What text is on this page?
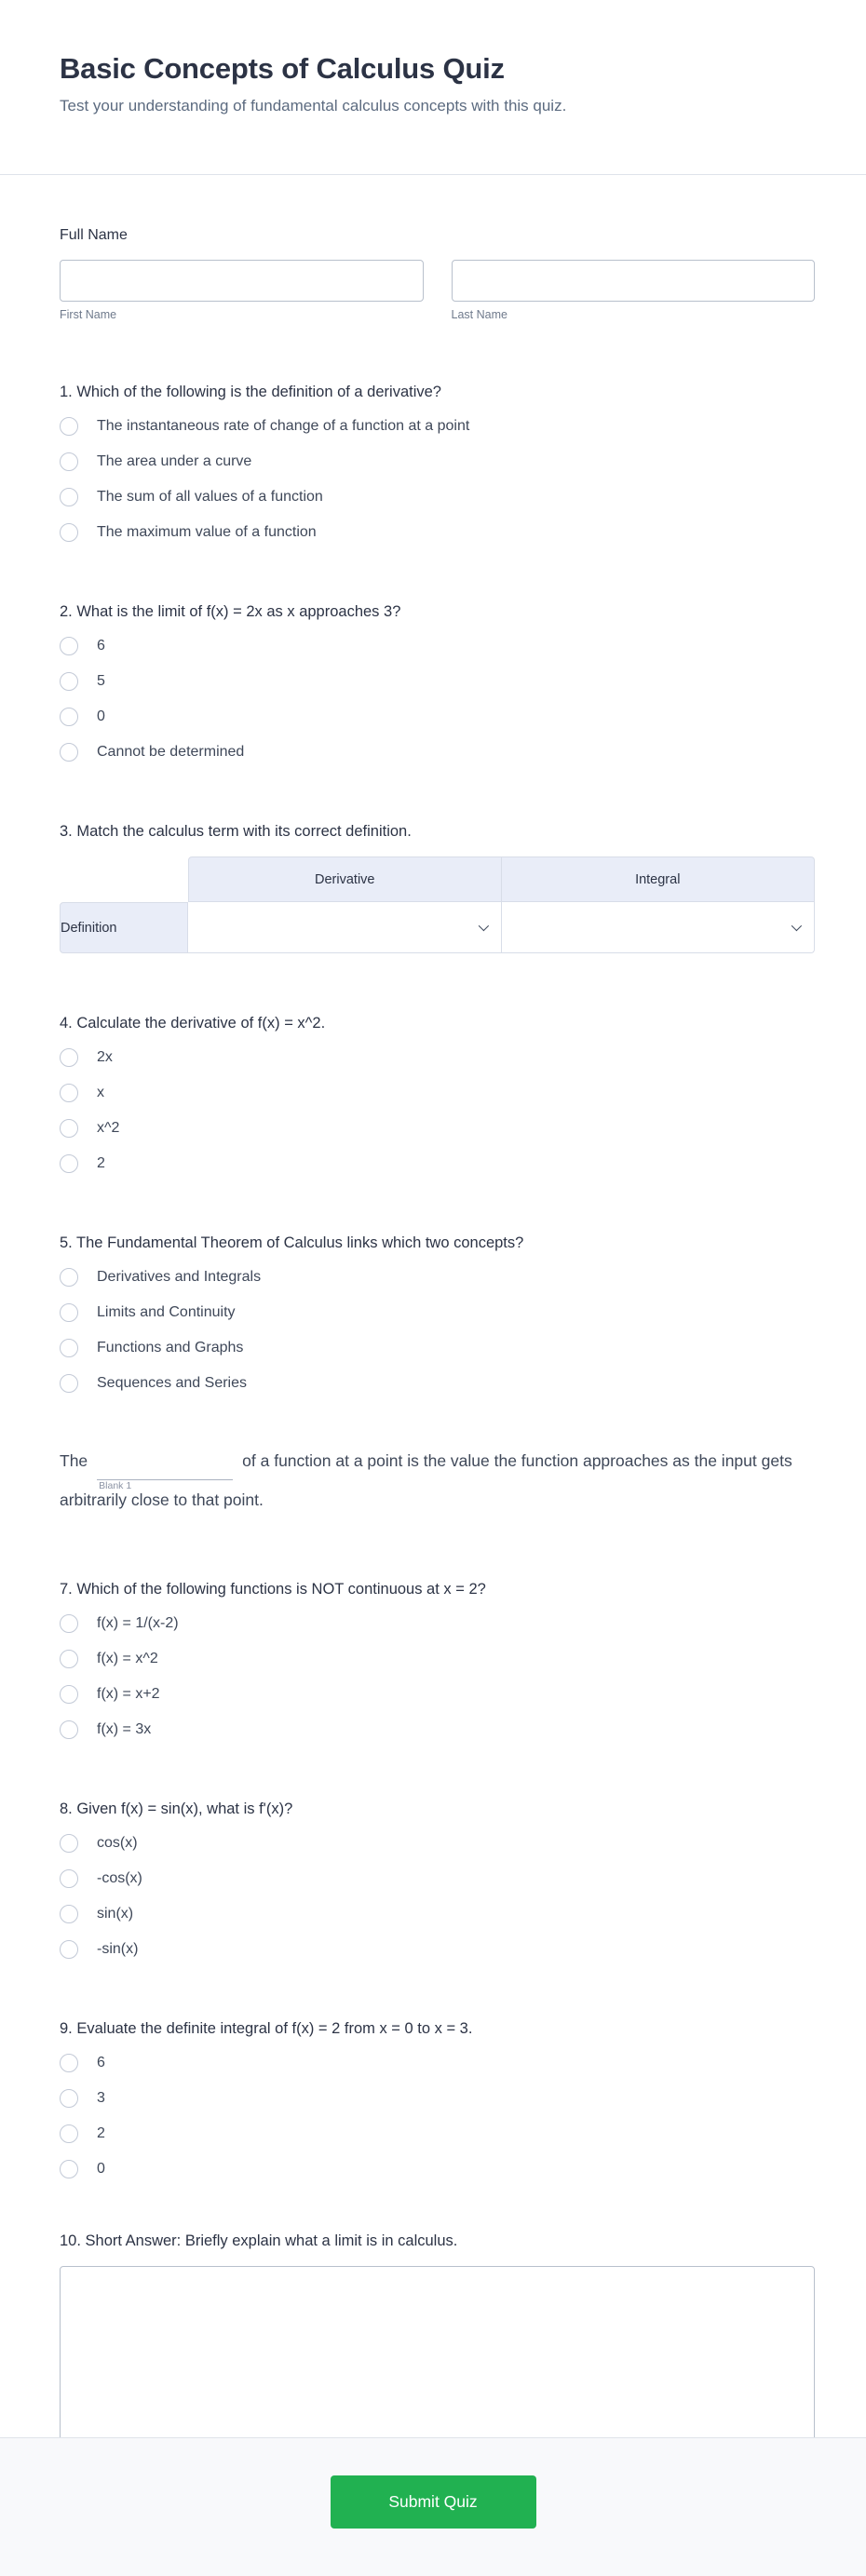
Basic Concepts of Calculus Quiz

Test your understanding of fundamental calculus concepts with this quiz.

Full Name
First Name	Last Name
1. Which of the following is the definition of a derivative?
The instantaneous rate of change of a function at a point
The area under a curve
The sum of all values of a function
The maximum value of a function
2. What is the limit of f(x) = 2x as x approaches 3?
6
5
0
Cannot be determined
3. Match the calculus term with its correct definition.
	Derivative	Integral
Definition	

4. Calculate the derivative of f(x) = x^2.
2x
x
x^2
2
5. The Fundamental Theorem of Calculus links which two concepts?
Derivatives and Integrals
Limits and Continuity
Functions and Graphs
Sequences and Series

The
Blank 1
of a function at a point is the value the function approaches as the input gets arbitrarily close to that point.

7. Which of the following functions is NOT continuous at x = 2?
f(x) = 1/(x-2)
f(x) = x^2
f(x) = x+2
f(x) = 3x
8. Given f(x) = sin(x), what is f'(x)?
cos(x)
-cos(x)
sin(x)
-sin(x)
9. Evaluate the definite integral of f(x) = 2 from x = 0 to x = 3.
6
3
2
0
10. Short Answer: Briefly explain what a limit is in calculus.
Submit Quiz
